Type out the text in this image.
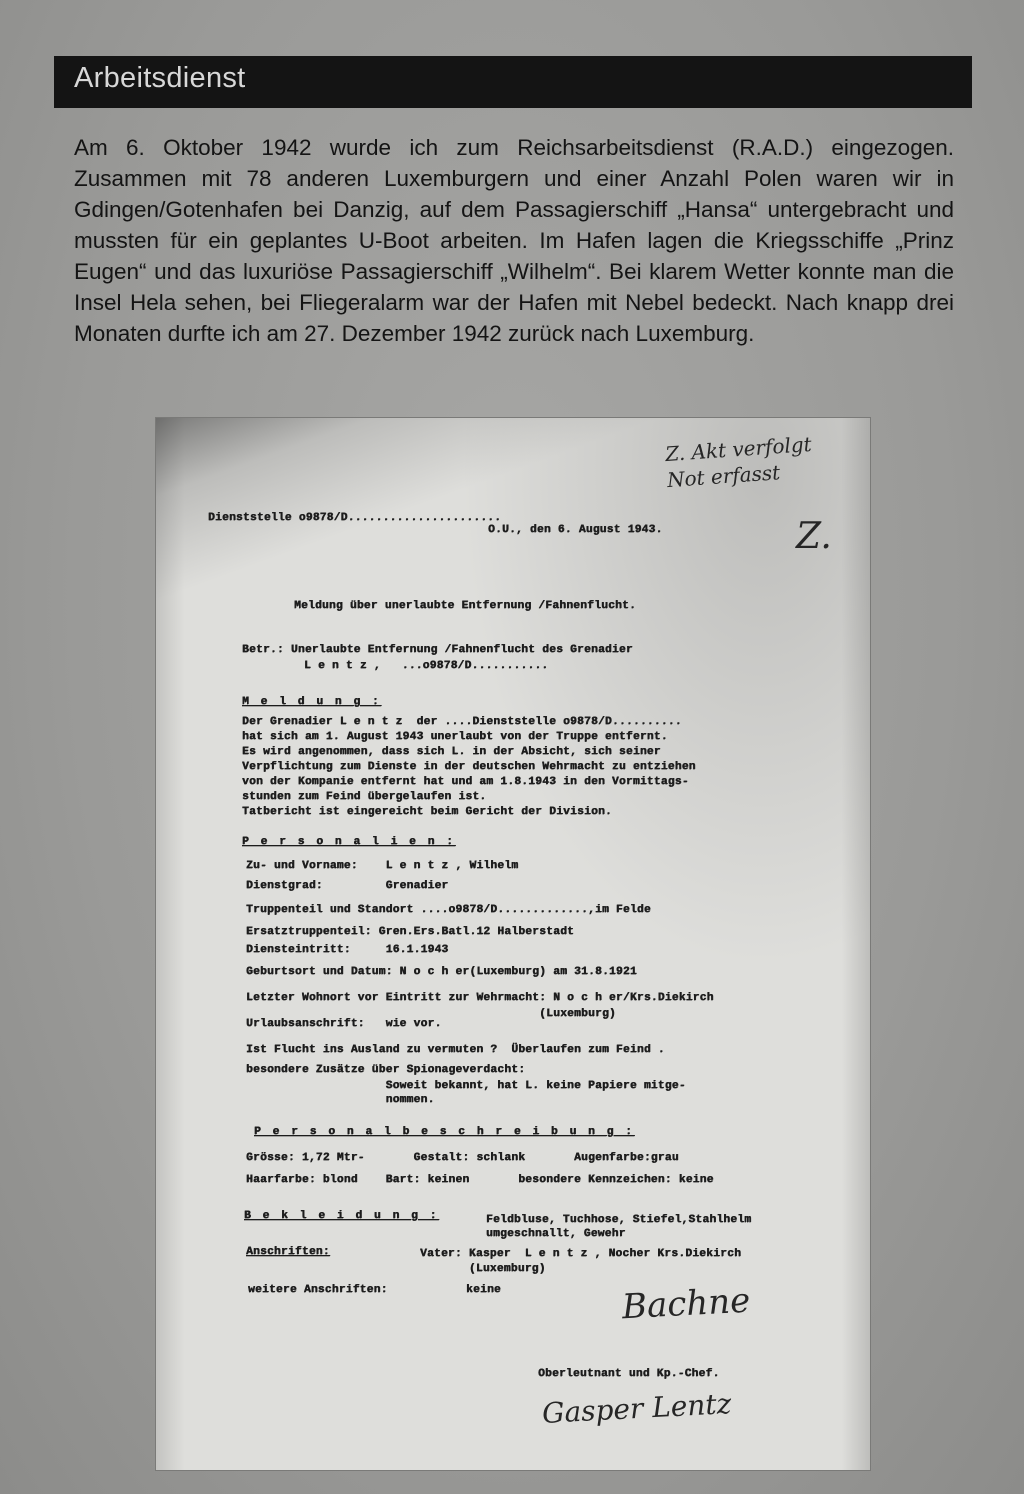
Arbeitsdienst

Am 6. Oktober 1942 wurde ich zum Reichsarbeitsdienst (R.A.D.) eingezogen. Zusammen mit 78 anderen Luxemburgern und einer Anzahl Polen waren wir in Gdingen/Gotenhafen bei Danzig, auf dem Passagierschiff „Hansa“ untergebracht und mussten für ein geplantes U-Boot arbeiten. Im Hafen lagen die Kriegsschiffe „Prinz Eugen“ und das luxuriöse Passagierschiff „Wilhelm“. Bei klarem Wetter konnte man die Insel Hela sehen, bei Fliegeralarm war der Hafen mit Nebel bedeckt. Nach knapp drei Monaten durfte ich am 27. Dezember 1942 zurück nach Luxemburg.

Z. Akt verfolgt
Not erfasst
Z.
Dienststelle o9878/D......................
O.U., den 6. August 1943.
Meldung über unerlaubte Entfernung /Fahnenflucht.
Betr.: Unerlaubte Entfernung /Fahnenflucht des Grenadier
L e n t z ,   ...o9878/D...........
M e l d u n g :
Der Grenadier L e n t z  der ....Dienststelle o9878/D..........
hat sich am 1. August 1943 unerlaubt von der Truppe entfernt.
Es wird angenommen, dass sich L. in der Absicht, sich seiner
Verpflichtung zum Dienste in der deutschen Wehrmacht zu entziehen
von der Kompanie entfernt hat und am 1.8.1943 in den Vormittags-
stunden zum Feind übergelaufen ist.
Tatbericht ist eingereicht beim Gericht der Division.
P e r s o n a l i e n :
Zu- und Vorname:    L e n t z , Wilhelm
Dienstgrad:         Grenadier
Truppenteil und Standort ....o9878/D.............,im Felde
Ersatztruppenteil: Gren.Ers.Batl.12 Halberstadt
Diensteintritt:     16.1.1943
Geburtsort und Datum: N o c h er(Luxemburg) am 31.8.1921
Letzter Wohnort vor Eintritt zur Wehrmacht: N o c h er/Krs.Diekirch
(Luxemburg)
Urlaubsanschrift:   wie vor.
Ist Flucht ins Ausland zu vermuten ?  Überlaufen zum Feind .
besondere Zusätze über Spionageverdacht:
Soweit bekannt, hat L. keine Papiere mitge-
nommen.
P e r s o n a l b e s c h r e i b u n g :
Grösse: 1,72 Mtr-       Gestalt: schlank       Augenfarbe:grau
Haarfarbe: blond    Bart: keinen       besondere Kennzeichen: keine
B e k l e i d u n g :	Feldbluse, Tuchhose, Stiefel,Stahlhelm
umgeschnallt, Gewehr
Anschriften:	Vater: Kasper  L e n t z , Nocher Krs.Diekirch
(Luxemburg)
weitere Anschriften:	keine	Bachne
Oberleutnant und Kp.-Chef.
Gasper Lentz
